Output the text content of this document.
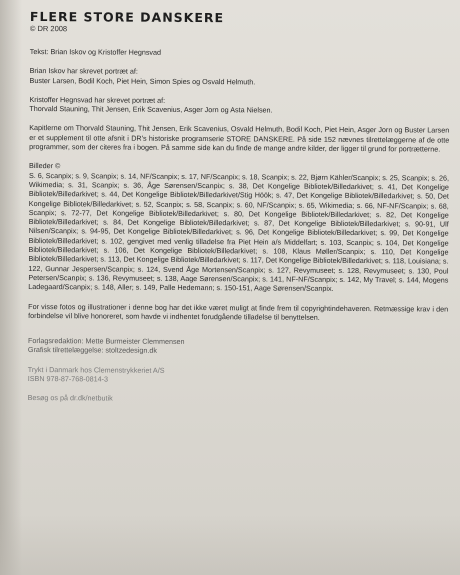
FLERE STORE DANSKERE

© DR 2008

Tekst: Brian Iskov og Kristoffer Hegnsvad

Brian Iskov har skrevet portræt af:

Buster Larsen, Bodil Koch, Piet Hein, Simon Spies og Osvald Helmuth.

Kristoffer Hegnsvad har skrevet portræt af:

Thorvald Stauning, Thit Jensen, Erik Scavenius, Asger Jorn og Asta Nielsen.

Kapitlerne om Thorvald Stauning, Thit Jensen, Erik Scavenius, Osvald Helmuth, Bodil Koch, Piet Hein, Asger Jorn og Buster Larsen er et supplement til otte afsnit i DR's historiske programserie STORE DANSKERE. På side 152 nævnes tilrettelæggerne af de otte programmer, som der citeres fra i bogen. På samme side kan du finde de mange andre kilder, der ligger til grund for portrætterne.

Billeder ©

S. 6, Scanpix; s. 9, Scanpix; s. 14, NF/Scanpix; s. 17, NF/Scanpix; s. 18, Scanpix; s. 22, Bjørn Kähler/Scanpix; s. 25, Scanpix; s. 26, Wikimedia; s. 31, Scanpix; s. 36, Åge Sørensen/Scanpix; s. 38, Det Kongelige Bibliotek/Billedarkivet; s. 41, Det Kongelige Bibliotek/Billedarkivet; s. 44, Det Kongelige Bibliotek/Billedarkivet/Stig Höök; s. 47, Det Kongelige Bibliotek/Billedarkivet; s. 50, Det Kongelige Bibliotek/Billedarkivet; s. 52, Scanpix; s. 58, Scanpix; s. 60, NF/Scanpix; s. 65, Wikimedia; s. 66, NF-NF/Scanpix; s. 68, Scanpix; s. 72-77, Det Kongelige Bibliotek/Billedarkivet; s. 80, Det Kongelige Bibliotek/Billedarkivet; s. 82, Det Kongelige Bibliotek/Billedarkivet; s. 84, Det Kongelige Bibliotek/Billedarkivet; s. 87, Det Kongelige Bibliotek/Billedarkivet; s. 90-91, Ulf Nilsen/Scanpix; s. 94-95, Det Kongelige Bibliotek/Billedarkivet; s. 96, Det Kongelige Bibliotek/Billedarkivet; s. 99, Det Kongelige Bibliotek/Billedarkivet; s. 102, gengivet med venlig tilladelse fra Piet Hein a/s Middelfart; s. 103, Scanpix; s. 104, Det Kongelige Bibliotek/Billedarkivet; s. 106, Det Kongelige Bibliotek/Billedarkivet; s. 108, Klaus Møller/Scanpix; s. 110, Det Kongelige Bibliotek/Billedarkivet; s. 113, Det Kongelige Bibliotek/Billedarkivet; s. 117, Det Kongelige Bibliotek/Billedarkivet; s. 118, Louisiana; s. 122, Gunnar Jespersen/Scanpix; s. 124, Svend Åge Mortensen/Scanpix; s. 127, Revymuseet; s. 128, Revymuseet; s. 130, Poul Petersen/Scanpix; s. 136, Revymuseet; s. 138, Aage Sørensen/Scanpix; s. 141, NF-NF/Scanpix; s. 142, My Travel; s. 144, Mogens Ladegaard/Scanpix; s. 148, Aller; s. 149, Palle Hedemann; s. 150-151, Aage Sørensen/Scanpix.

For visse fotos og illustrationer i denne bog har det ikke været muligt at finde frem til copyrightindehaveren. Retmæssige krav i den forbindelse vil blive honoreret, som havde vi indhentet forudgående tilladelse til benyttelsen.

Forlagsredaktion: Mette Burmeister Clemmensen

Grafisk tilrettelæggelse: stoltzedesign.dk

Trykt i Danmark hos Clemenstrykkeriet A/S

ISBN 978-87-768-0814-3

Besøg os på dr.dk/netbutik
